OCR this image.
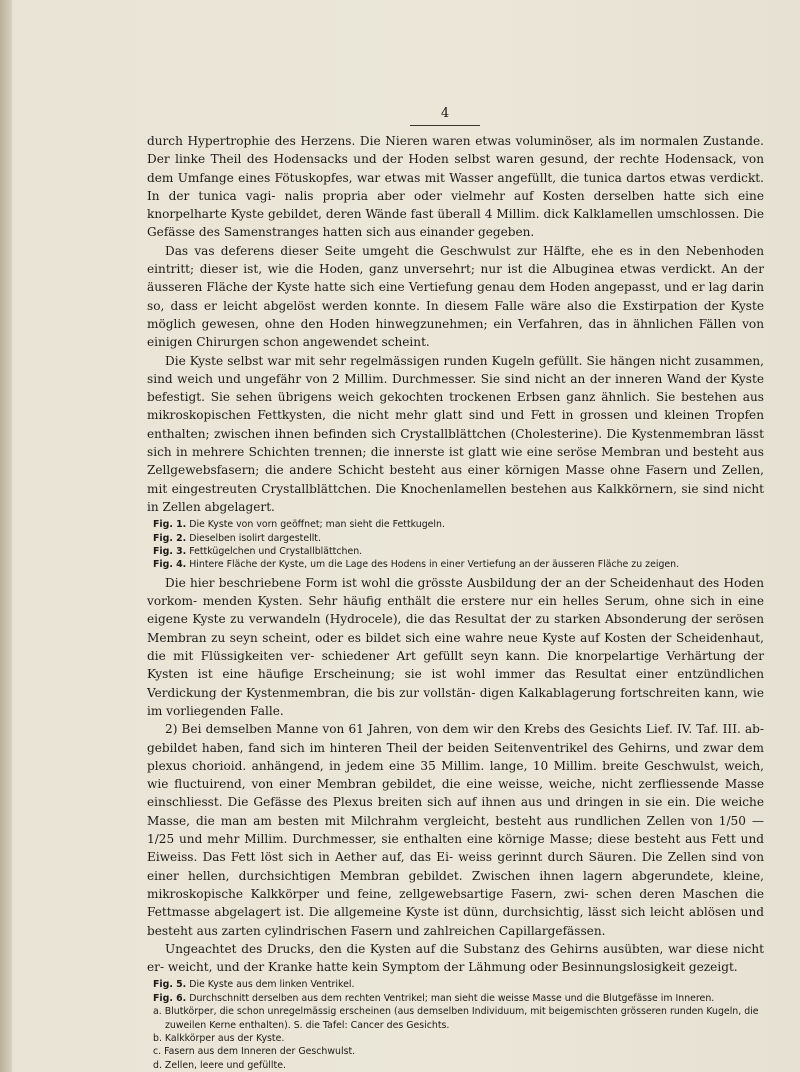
4

durch Hypertrophie des Herzens. Die Nieren waren etwas voluminöser, als im normalen Zustande. Der linke Theil des Hodensacks und der Hoden selbst waren gesund, der rechte Hodensack, von dem Umfange eines Fötuskopfes, war etwas mit Wasser angefüllt, die tunica dartos etwas verdickt. In der tunica vagi- nalis propria aber oder vielmehr auf Kosten derselben hatte sich eine knorpelharte Kyste gebildet, deren Wände fast überall 4 Millim. dick Kalklamellen umschlossen. Die Gefässe des Samenstranges hatten sich aus einander gegeben.

Das vas deferens dieser Seite umgeht die Geschwulst zur Hälfte, ehe es in den Nebenhoden eintritt; dieser ist, wie die Hoden, ganz unversehrt; nur ist die Albuginea etwas verdickt. An der äusseren Fläche der Kyste hatte sich eine Vertiefung genau dem Hoden angepasst, und er lag darin so, dass er leicht abgelöst werden konnte. In diesem Falle wäre also die Exstirpation der Kyste möglich gewesen, ohne den Hoden hinwegzunehmen; ein Verfahren, das in ähnlichen Fällen von einigen Chirurgen schon angewendet scheint.

Die Kyste selbst war mit sehr regelmässigen runden Kugeln gefüllt. Sie hängen nicht zusammen, sind weich und ungefähr von 2 Millim. Durchmesser. Sie sind nicht an der inneren Wand der Kyste befestigt. Sie sehen übrigens weich gekochten trockenen Erbsen ganz ähnlich. Sie bestehen aus mikroskopischen Fettkysten, die nicht mehr glatt sind und Fett in grossen und kleinen Tropfen enthalten; zwischen ihnen befinden sich Crystallblättchen (Cholesterine). Die Kystenmembran lässt sich in mehrere Schichten trennen; die innerste ist glatt wie eine seröse Membran und besteht aus Zellgewebsfasern; die andere Schicht besteht aus einer körnigen Masse ohne Fasern und Zellen, mit eingestreuten Crystallblättchen. Die Knochenlamellen bestehen aus Kalkkörnern, sie sind nicht in Zellen abgelagert.

Fig. 1. Die Kyste von vorn geöffnet; man sieht die Fettkugeln.
Fig. 2. Dieselben isolirt dargestellt.
Fig. 3. Fettkügelchen und Crystallblättchen.
Fig. 4. Hintere Fläche der Kyste, um die Lage des Hodens in einer Vertiefung an der äusseren Fläche zu zeigen.

Die hier beschriebene Form ist wohl die grösste Ausbildung der an der Scheidenhaut des Hoden vorkom- menden Kysten. Sehr häufig enthält die erstere nur ein helles Serum, ohne sich in eine eigene Kyste zu verwandeln (Hydrocele), die das Resultat der zu starken Absonderung der serösen Membran zu seyn scheint, oder es bildet sich eine wahre neue Kyste auf Kosten der Scheidenhaut, die mit Flüssigkeiten ver- schiedener Art gefüllt seyn kann. Die knorpelartige Verhärtung der Kysten ist eine häufige Erscheinung; sie ist wohl immer das Resultat einer entzündlichen Verdickung der Kystenmembran, die bis zur vollstän- digen Kalkablagerung fortschreiten kann, wie im vorliegenden Falle.

2) Bei demselben Manne von 61 Jahren, von dem wir den Krebs des Gesichts Lief. IV. Taf. III. ab- gebildet haben, fand sich im hinteren Theil der beiden Seitenventrikel des Gehirns, und zwar dem plexus chorioid. anhängend, in jedem eine 35 Millim. lange, 10 Millim. breite Geschwulst, weich, wie fluctuirend, von einer Membran gebildet, die eine weisse, weiche, nicht zerfliessende Masse einschliesst. Die Gefässe des Plexus breiten sich auf ihnen aus und dringen in sie ein. Die weiche Masse, die man am besten mit Milchrahm vergleicht, besteht aus rundlichen Zellen von 1/50 — 1/25 und mehr Millim. Durchmesser, sie enthalten eine körnige Masse; diese besteht aus Fett und Eiweiss. Das Fett löst sich in Aether auf, das Ei- weiss gerinnt durch Säuren. Die Zellen sind von einer hellen, durchsichtigen Membran gebildet. Zwischen ihnen lagern abgerundete, kleine, mikroskopische Kalkkörper und feine, zellgewebsartige Fasern, zwi- schen deren Maschen die Fettmasse abgelagert ist. Die allgemeine Kyste ist dünn, durchsichtig, lässt sich leicht ablösen und besteht aus zarten cylindrischen Fasern und zahlreichen Capillargefässen.

Ungeachtet des Drucks, den die Kysten auf die Substanz des Gehirns ausübten, war diese nicht er- weicht, und der Kranke hatte kein Symptom der Lähmung oder Besinnungslosigkeit gezeigt.

Fig. 5. Die Kyste aus dem linken Ventrikel.
Fig. 6. Durchschnitt derselben aus dem rechten Ventrikel; man sieht die weisse Masse und die Blutgefässe im Inneren.
a. Blutkörper, die schon unregelmässig erscheinen (aus demselben Individuum, mit beigemischten grösseren runden Kugeln, die zuweilen Kerne enthalten). S. die Tafel: Cancer des Gesichts.
b. Kalkkörper aus der Kyste.
c. Fasern aus dem Inneren der Geschwulst.
d. Zellen, leere und gefüllte.
